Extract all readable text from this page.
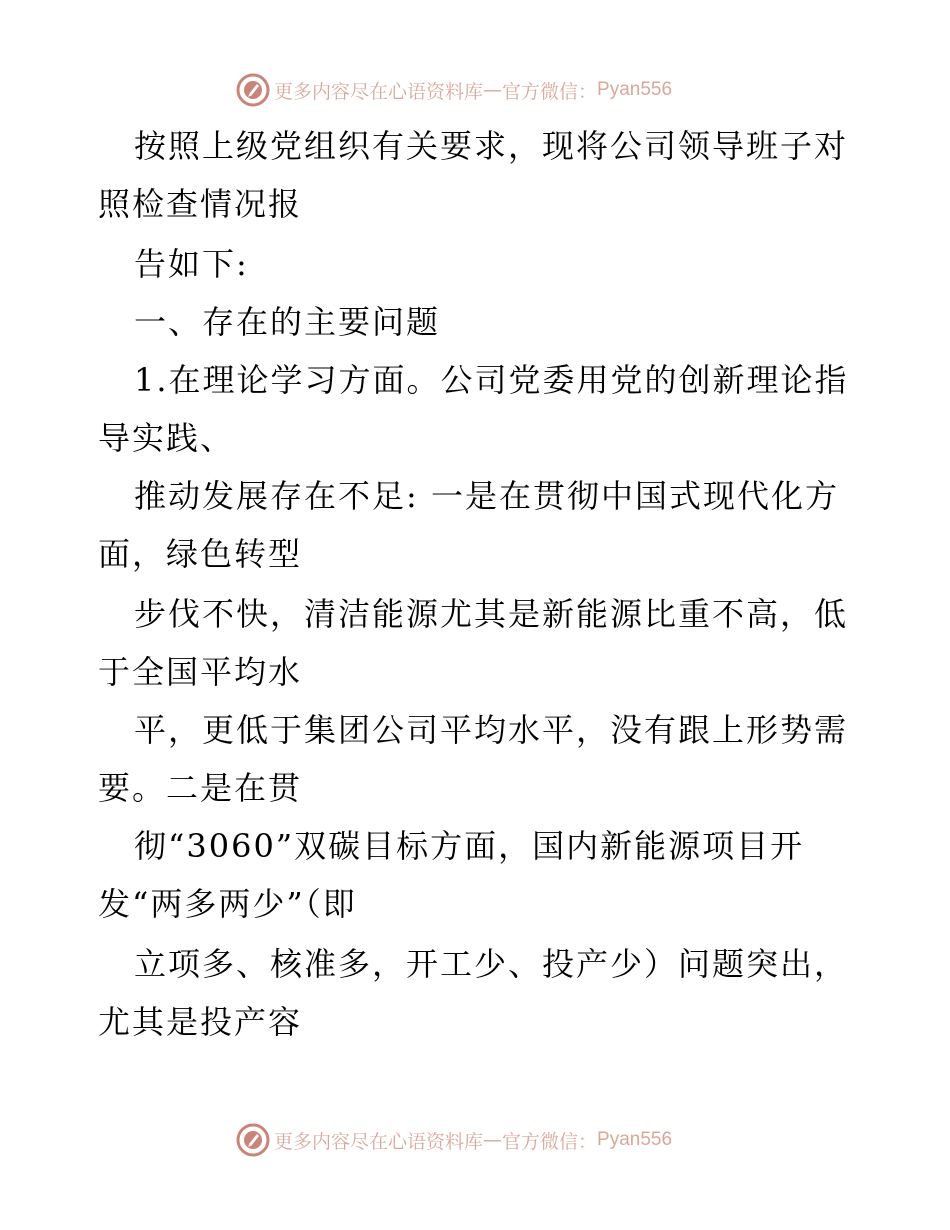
更多内容尽在心语资料库 — 官方微信： Pyan556
按照上级党组织有关要求，现将公司领导班子对
照检查情况报
告如下:
一、存在的主要问题
1.在理论学习方面。公司党委用党的创新理论指
导实践、
推动发展存在不足: 一是在贯彻中国式现代化方
面，绿色转型
步伐不快，清洁能源尤其是新能源比重不高，低
于全国平均水
平，更低于集团公司平均水平，没有跟上形势需
要。二是在贯
彻“3060”双碳目标方面，国内新能源项目开
发“两多两少”（即
立项多、核准多，开工少、投产少）问题突出，
尤其是投产容
更多内容尽在心语资料库 — 官方微信： Pyan556
